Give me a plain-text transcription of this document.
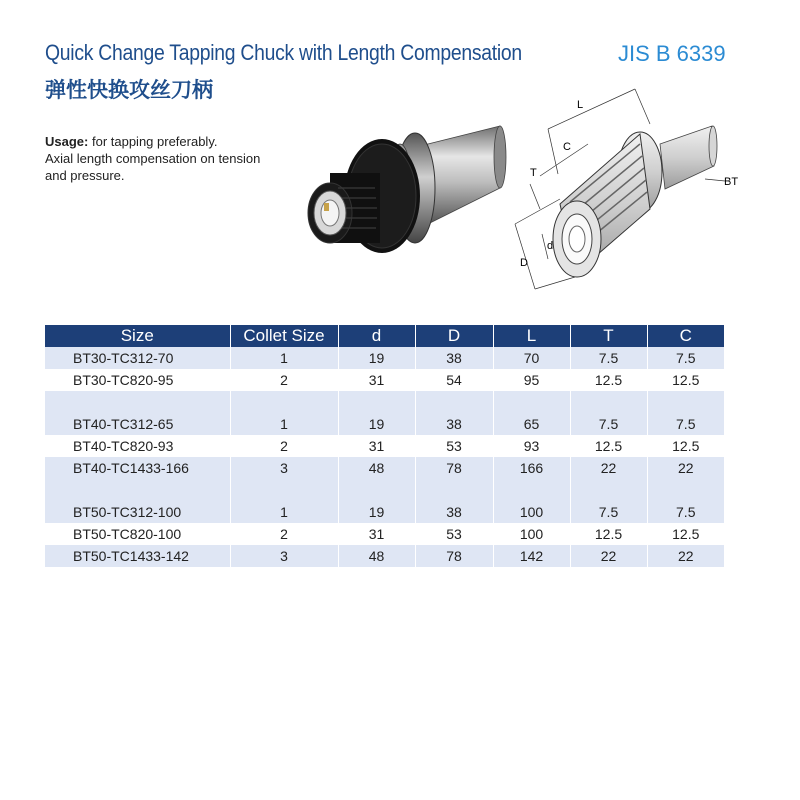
Quick Change Tapping Chuck with Length Compensation
弹性快换攻丝刀柄
JIS B 6339
Usage: for tapping preferably.
Axial length compensation on tension and pressure.
L
C
T
d
D
BT
Size	Collet Size	d	D	L	T	C
BT30-TC312-70	1	19	38	70	7.5	7.5
BT30-TC820-95	2	31	54	95	12.5	12.5

BT40-TC312-65	1	19	38	65	7.5	7.5
BT40-TC820-93	2	31	53	93	12.5	12.5
BT40-TC1433-166	3	48	78	166	22	22

BT50-TC312-100	1	19	38	100	7.5	7.5
BT50-TC820-100	2	31	53	100	12.5	12.5
BT50-TC1433-142	3	48	78	142	22	22
